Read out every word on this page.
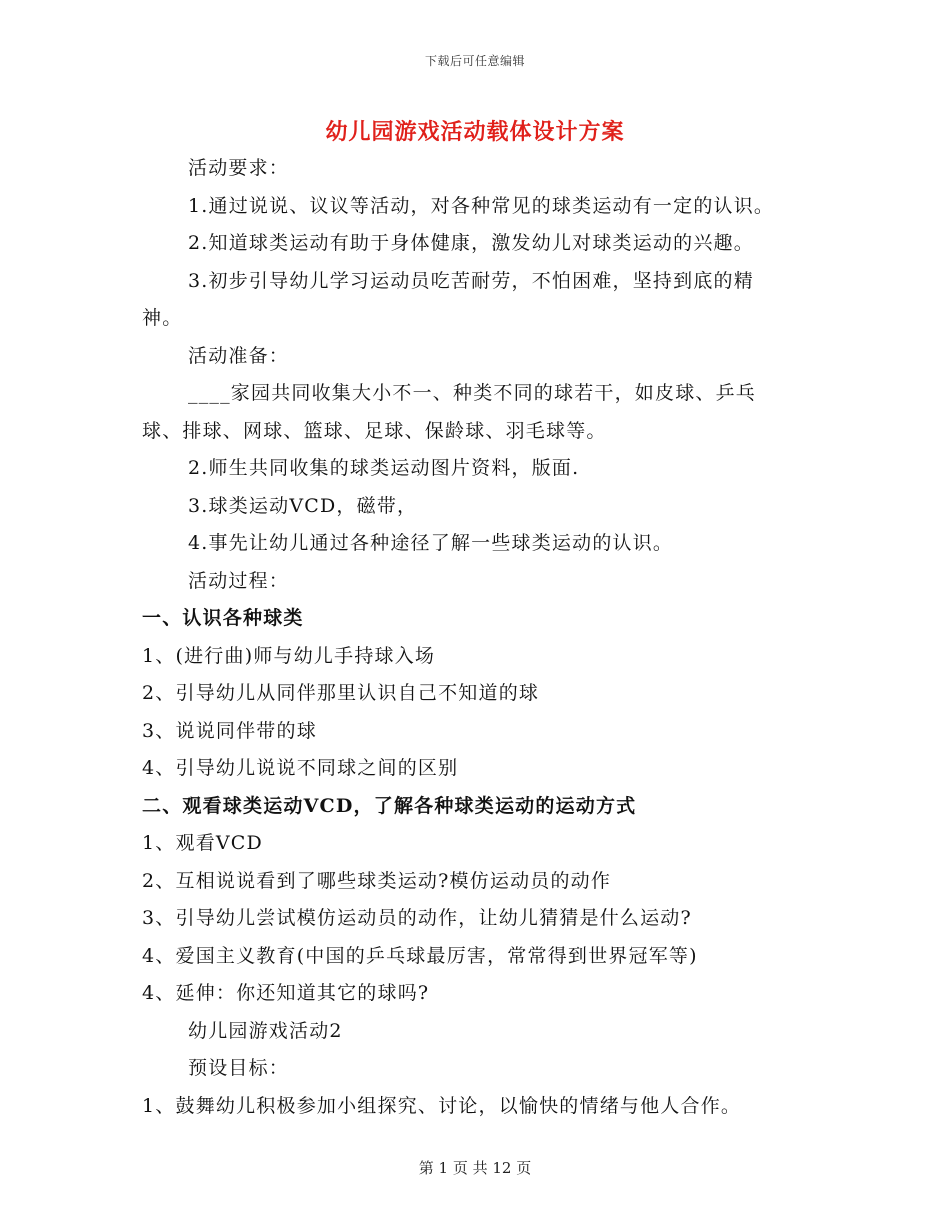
下载后可任意编辑
幼儿园游戏活动载体设计方案
活动要求：
1.通过说说、议议等活动，对各种常见的球类运动有一定的认识。
2.知道球类运动有助于身体健康，激发幼儿对球类运动的兴趣。
3.初步引导幼儿学习运动员吃苦耐劳，不怕困难，坚持到底的精
神。
活动准备：
____家园共同收集大小不一、种类不同的球若干，如皮球、乒乓
球、排球、网球、篮球、足球、保龄球、羽毛球等。
2.师生共同收集的球类运动图片资料，版面.
3.球类运动VCD，磁带，
4.事先让幼儿通过各种途径了解一些球类运动的认识。
活动过程：
一、认识各种球类
1、(进行曲)师与幼儿手持球入场
2、引导幼儿从同伴那里认识自己不知道的球
3、说说同伴带的球
4、引导幼儿说说不同球之间的区别
二、观看球类运动VCD，了解各种球类运动的运动方式
1、观看VCD
2、互相说说看到了哪些球类运动?模仿运动员的动作
3、引导幼儿尝试模仿运动员的动作，让幼儿猜猜是什么运动?
4、爱国主义教育(中国的乒乓球最厉害，常常得到世界冠军等)
4、延伸：你还知道其它的球吗?
幼儿园游戏活动2
预设目标：
1、鼓舞幼儿积极参加小组探究、讨论，以愉快的情绪与他人合作。
第 1 页 共 12 页
